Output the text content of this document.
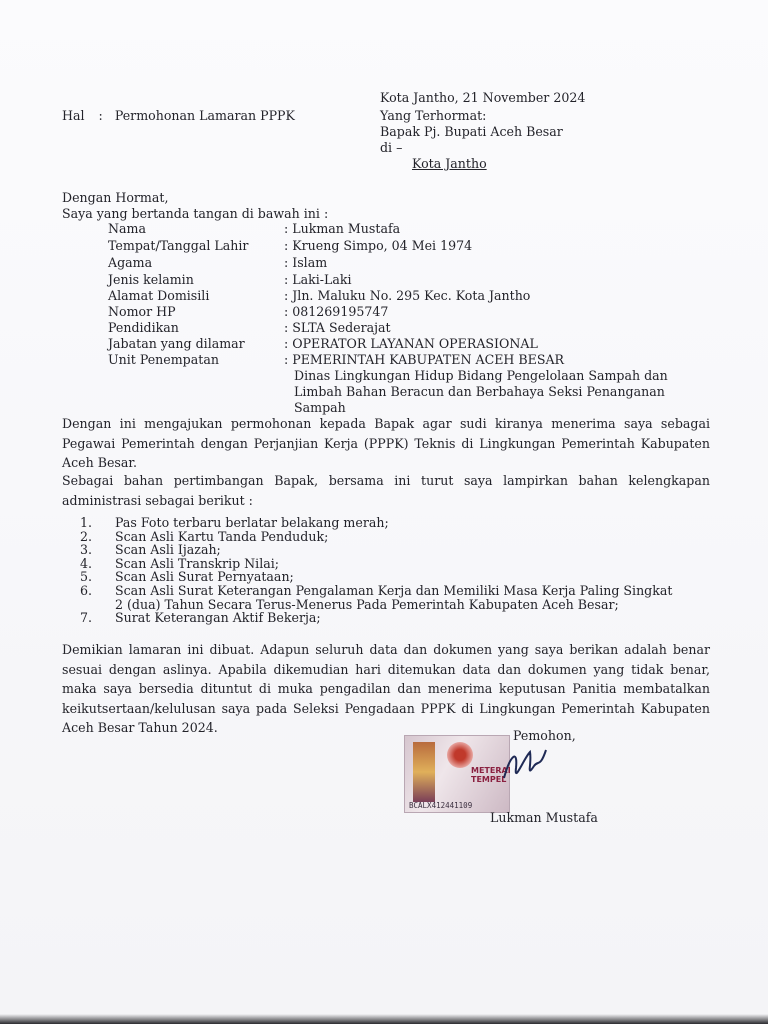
Hal : Permohonan Lamaran PPPK
Kota Jantho, 21 November 2024
Yang Terhormat:
Bapak Pj. Bupati Aceh Besar
di –
Kota Jantho
Dengan Hormat,
Saya yang bertanda tangan di bawah ini :
Nama	: Lukman Mustafa
Tempat/Tanggal Lahir	: Krueng Simpo, 04 Mei 1974
Agama	: Islam
Jenis kelamin	: Laki-Laki
Alamat Domisili	: Jln. Maluku No. 295 Kec. Kota Jantho
Nomor HP	: 081269195747
Pendidikan	: SLTA Sederajat
Jabatan yang dilamar	: OPERATOR LAYANAN OPERASIONAL
Unit Penempatan	: PEMERINTAH KABUPATEN ACEH BESAR
Dinas Lingkungan Hidup Bidang Pengelolaan Sampah dan
Limbah Bahan Beracun dan Berbahaya Seksi Penanganan
Sampah

Dengan ini mengajukan permohonan kepada Bapak agar sudi kiranya menerima saya sebagai Pegawai Pemerintah dengan Perjanjian Kerja (PPPK) Teknis di Lingkungan Pemerintah Kabupaten Aceh Besar.

Sebagai bahan pertimbangan Bapak, bersama ini turut saya lampirkan bahan kelengkapan administrasi sebagai berikut :

1. Pas Foto terbaru berlatar belakang merah;
2. Scan Asli Kartu Tanda Penduduk;
3. Scan Asli Ijazah;
4. Scan Asli Transkrip Nilai;
5. Scan Asli Surat Pernyataan;
6. Scan Asli Surat Keterangan Pengalaman Kerja dan Memiliki Masa Kerja Paling Singkat
2 (dua) Tahun Secara Terus-Menerus Pada Pemerintah Kabupaten Aceh Besar;
7. Surat Keterangan Aktif Bekerja;

Demikian lamaran ini dibuat. Adapun seluruh data dan dokumen yang saya berikan adalah benar sesuai dengan aslinya. Apabila dikemudian hari ditemukan data dan dokumen yang tidak benar, maka saya bersedia dituntut di muka pengadilan dan menerima keputusan Panitia membatalkan keikutsertaan/kelulusan saya pada Seleksi Pengadaan PPPK di Lingkungan Pemerintah Kabupaten Aceh Besar Tahun 2024.

Pemohon,
METERAI
TEMPEL
BCALX412441109
Lukman Mustafa
